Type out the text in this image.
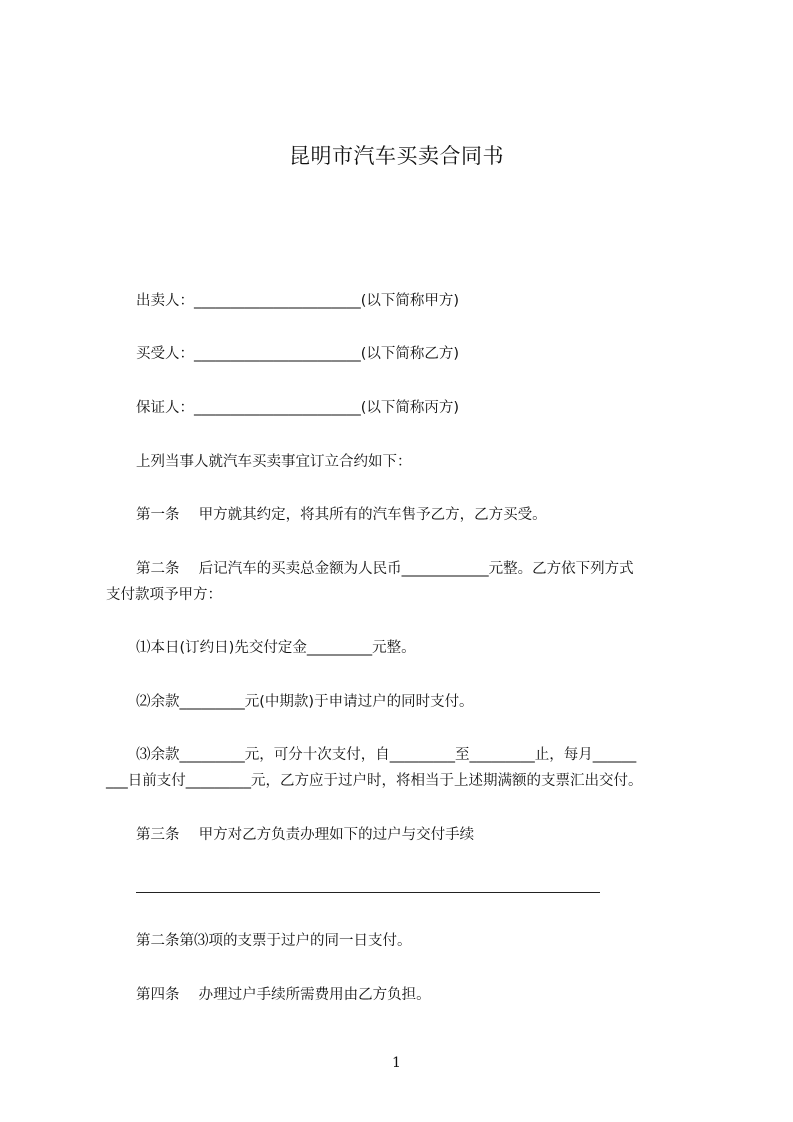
昆明市汽车买卖合同书
出卖人：_______________________(以下简称甲方)
买受人：_______________________(以下简称乙方)
保证人：_______________________(以下简称丙方)
上列当事人就汽车买卖事宜订立合约如下：
第一条　 甲方就其约定，将其所有的汽车售予乙方，乙方买受。
第二条　 后记汽车的买卖总金额为人民币____________元整。乙方依下列方式
支付款项予甲方：
⑴本日(订约日)先交付定金_________元整。
⑵余款_________元(中期款)于申请过户的同时支付。
⑶余款_________元，可分十次支付，自_________至_________止，每月______
___日前支付_________元，乙方应于过户时，将相当于上述期满额的支票汇出交付。
第三条　 甲方对乙方负责办理如下的过户与交付手续
第二条第⑶项的支票于过户的同一日支付。
第四条　 办理过户手续所需费用由乙方负担。
1
